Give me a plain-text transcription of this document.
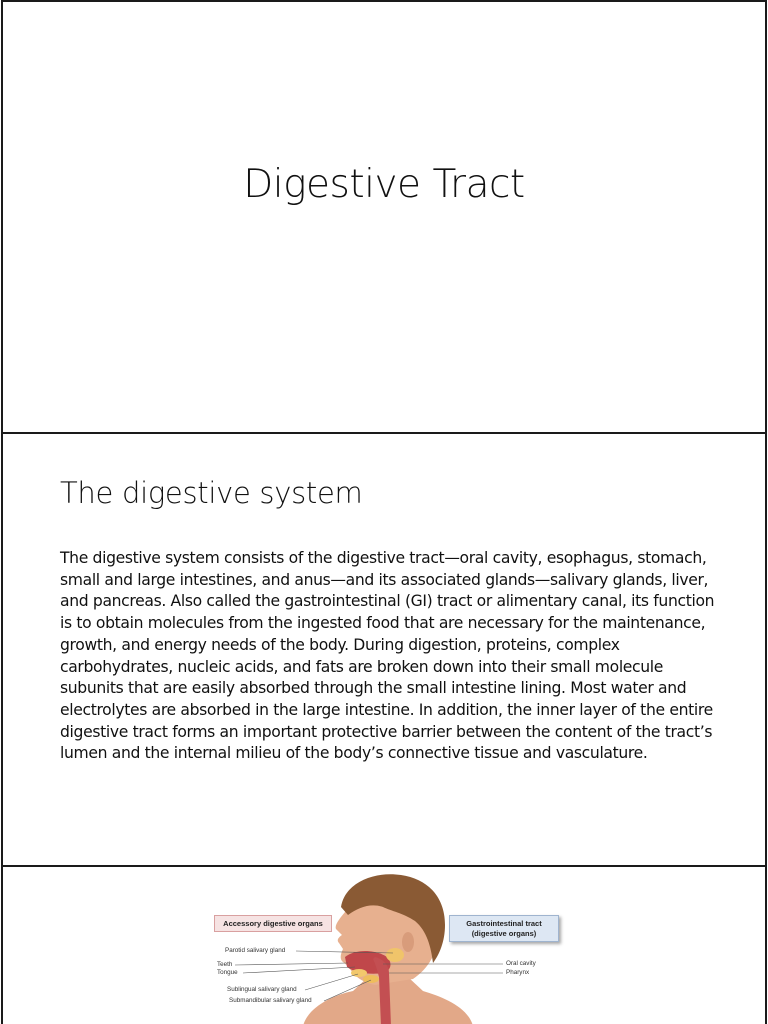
Digestive Tract
The digestive system

The digestive system consists of the digestive tract—oral cavity, esophagus, stomach, small and large intestines, and anus—and its associated glands—salivary glands, liver, and pancreas. Also called the gastrointestinal (GI) tract or alimentary canal, its function is to obtain molecules from the ingested food that are necessary for the maintenance, growth, and energy needs of the body. During digestion, proteins, complex carbohydrates, nucleic acids, and fats are broken down into their small molecule subunits that are easily absorbed through the small intestine lining. Most water and electrolytes are absorbed in the large intestine. In addition, the inner layer of the entire digestive tract forms an important protective barrier between the content of the tract’s lumen and the internal milieu of the body’s connective tissue and vasculature.

Accessory digestive organs	Gastrointestinal tract
(digestive organs)
Parotid salivary gland
Teeth
Tongue
Sublingual salivary gland
Submandibular salivary gland
Oral cavity
Pharynx
